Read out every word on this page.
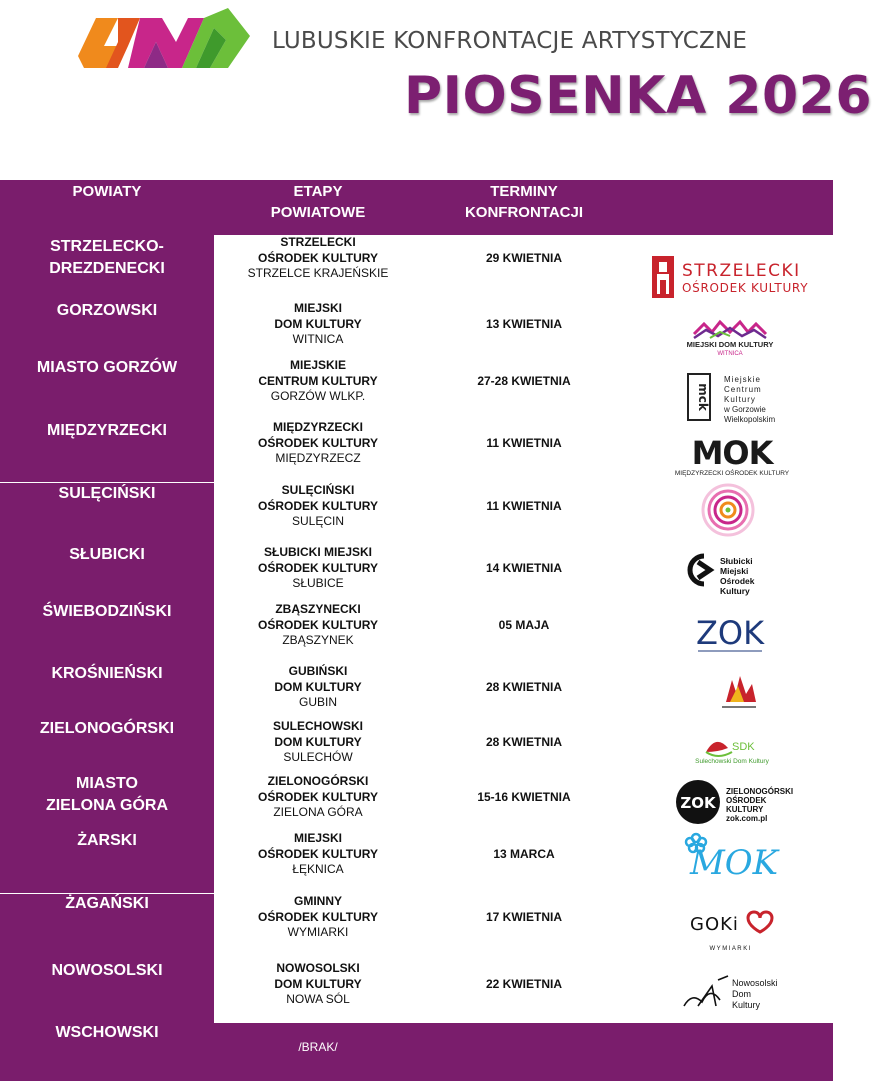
LUBUSKIE KONFRONTACJE ARTYSTYCZNE
PIOSENKA 2026
POWIATY	ETAPY
POWIATOWE
TERMINY
KONFRONTACJI
STRZELECKO-
DREZDENECKI
GORZOWSKI
MIASTO GORZÓW
MIĘDZYRZECKI
SULĘCIŃSKI
SŁUBICKI
ŚWIEBODZIŃSKI
KROŚNIEŃSKI
ZIELONOGÓRSKI
MIASTO
ZIELONA GÓRA
ŻARSKI
ŻAGAŃSKI
NOWOSOLSKI
WSCHOWSKI
STRZELECKI
OŚRODEK KULTURY
STRZELCE KRAJEŃSKIE
29 KWIETNIA
MIEJSKI
DOM KULTURY
WITNICA
13 KWIETNIA
MIEJSKIE
CENTRUM KULTURY
GORZÓW WLKP.
27-28 KWIETNIA
MIĘDZYRZECKI
OŚRODEK KULTURY
MIĘDZYRZECZ
11 KWIETNIA
SULĘCIŃSKI
OŚRODEK KULTURY
SULĘCIN
11 KWIETNIA
SŁUBICKI MIEJSKI
OŚRODEK KULTURY
SŁUBICE
14 KWIETNIA
ZBĄSZYNECKI
OŚRODEK KULTURY
ZBĄSZYNEK
05 MAJA
GUBIŃSKI
DOM KULTURY
GUBIN
28 KWIETNIA
SULECHOWSKI
DOM KULTURY
SULECHÓW
28 KWIETNIA
ZIELONOGÓRSKI
OŚRODEK KULTURY
ZIELONA GÓRA
15-16 KWIETNIA
MIEJSKI
OŚRODEK KULTURY
ŁĘKNICA
13 MARCA
GMINNY
OŚRODEK KULTURY
WYMIARKI
17 KWIETNIA
NOWOSOLSKI
DOM KULTURY
NOWA SÓL
22 KWIETNIA
/BRAK/
STRZELECKI
OŚRODEK KULTURY
MIEJSKI DOM KULTURY
WITNICA
mck
Miejskie
Centrum
Kultury
w Gorzowie
Wielkopolskim
MOK
MIĘDZYRZECKI OŚRODEK KULTURY
Słubicki
Miejski
Ośrodek
Kultury
ZOK
SDK
Sulechowski Dom Kultury
ZOK
ZIELONOGÓRSKI
OŚRODEK
KULTURY
zok.com.pl
MOK
GOKi
W Y M I A R K I
Nowosolski
Dom
Kultury
